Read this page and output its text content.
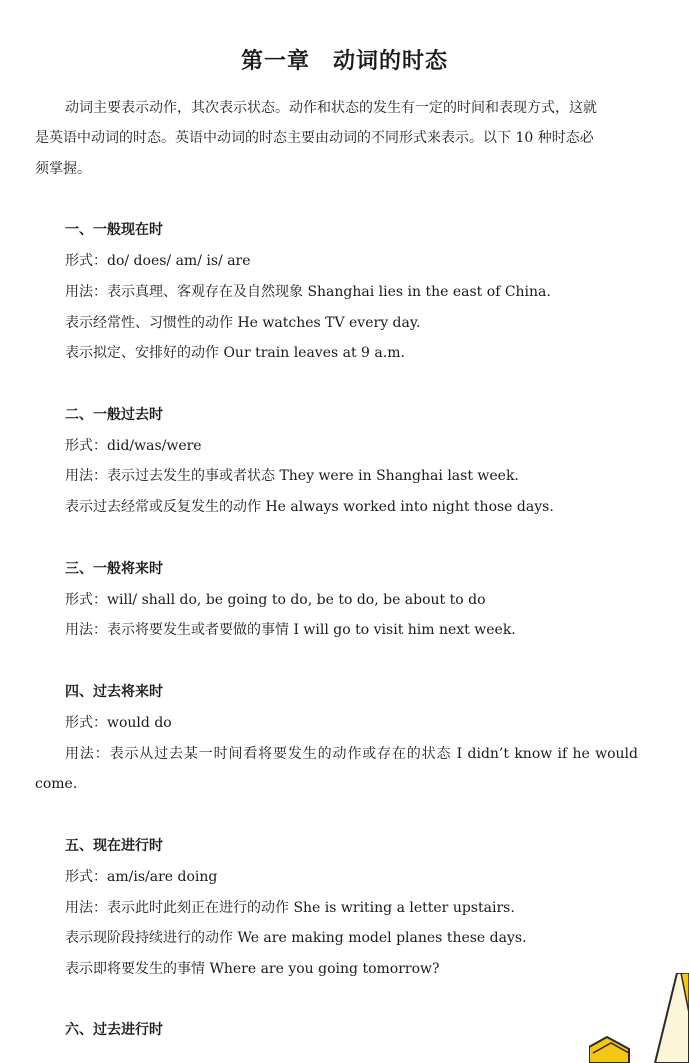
第一章　动词的时态
动词主要表示动作，其次表示状态。动作和状态的发生有一定的时间和表现方式，这就
是英语中动词的时态。英语中动词的时态主要由动词的不同形式来表示。以下 10 种时态必
须掌握。
一、一般现在时
形式：do/ does/ am/ is/ are
用法：表示真理、客观存在及自然现象 Shanghai lies in the east of China.
表示经常性、习惯性的动作 He watches TV every day.
表示拟定、安排好的动作 Our train leaves at 9 a.m.
二、一般过去时
形式：did/was/were
用法：表示过去发生的事或者状态 They were in Shanghai last week.
表示过去经常或反复发生的动作 He always worked into night those days.
三、一般将来时
形式：will/ shall do, be going to do, be to do, be about to do
用法：表示将要发生或者要做的事情 I will go to visit him next week.
四、过去将来时
形式：would do
用法：表示从过去某一时间看将要发生的动作或存在的状态 I didn’t know if he would
come.
五、现在进行时
形式：am/is/are doing
用法：表示此时此刻正在进行的动作 She is writing a letter upstairs.
表示现阶段持续进行的动作 We are making model planes these days.
表示即将要发生的事情 Where are you going tomorrow?
六、过去进行时
